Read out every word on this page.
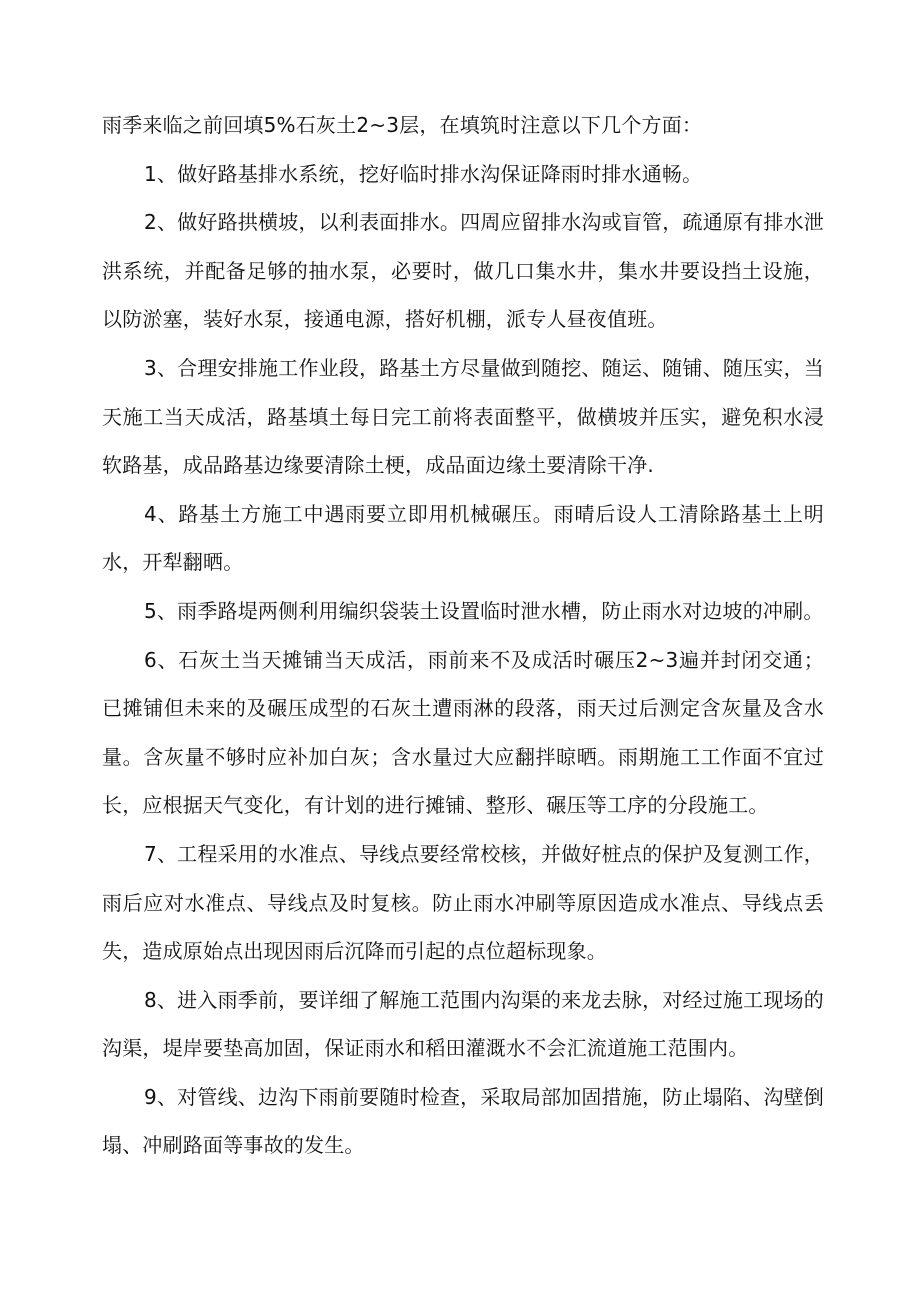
雨季来临之前回填5%石灰土2~3层，在填筑时注意以下几个方面：

1、做好路基排水系统，挖好临时排水沟保证降雨时排水通畅。

2、做好路拱横坡，以利表面排水。四周应留排水沟或盲管，疏通原有排水泄洪系统，并配备足够的抽水泵，必要时，做几口集水井，集水井要设挡土设施，以防淤塞，装好水泵，接通电源，搭好机棚，派专人昼夜值班。

3、合理安排施工作业段，路基土方尽量做到随挖、随运、随铺、随压实，当天施工当天成活，路基填土每日完工前将表面整平，做横坡并压实，避免积水浸软路基，成品路基边缘要清除土梗，成品面边缘土要清除干净.

4、路基土方施工中遇雨要立即用机械碾压。雨晴后设人工清除路基土上明水，开犁翻晒。

5、雨季路堤两侧利用编织袋装土设置临时泄水槽，防止雨水对边坡的冲刷。

6、石灰土当天摊铺当天成活，雨前来不及成活时碾压2~3遍并封闭交通；已摊铺但未来的及碾压成型的石灰土遭雨淋的段落，雨天过后测定含灰量及含水量。含灰量不够时应补加白灰；含水量过大应翻拌晾晒。雨期施工工作面不宜过长，应根据天气变化，有计划的进行摊铺、整形、碾压等工序的分段施工。

7、工程采用的水准点、导线点要经常校核，并做好桩点的保护及复测工作，雨后应对水准点、导线点及时复核。防止雨水冲刷等原因造成水准点、导线点丢失，造成原始点出现因雨后沉降而引起的点位超标现象。

8、进入雨季前，要详细了解施工范围内沟渠的来龙去脉，对经过施工现场的沟渠，堤岸要垫高加固，保证雨水和稻田灌溉水不会汇流道施工范围内。

9、对管线、边沟下雨前要随时检查，采取局部加固措施，防止塌陷、沟壁倒塌、冲刷路面等事故的发生。
